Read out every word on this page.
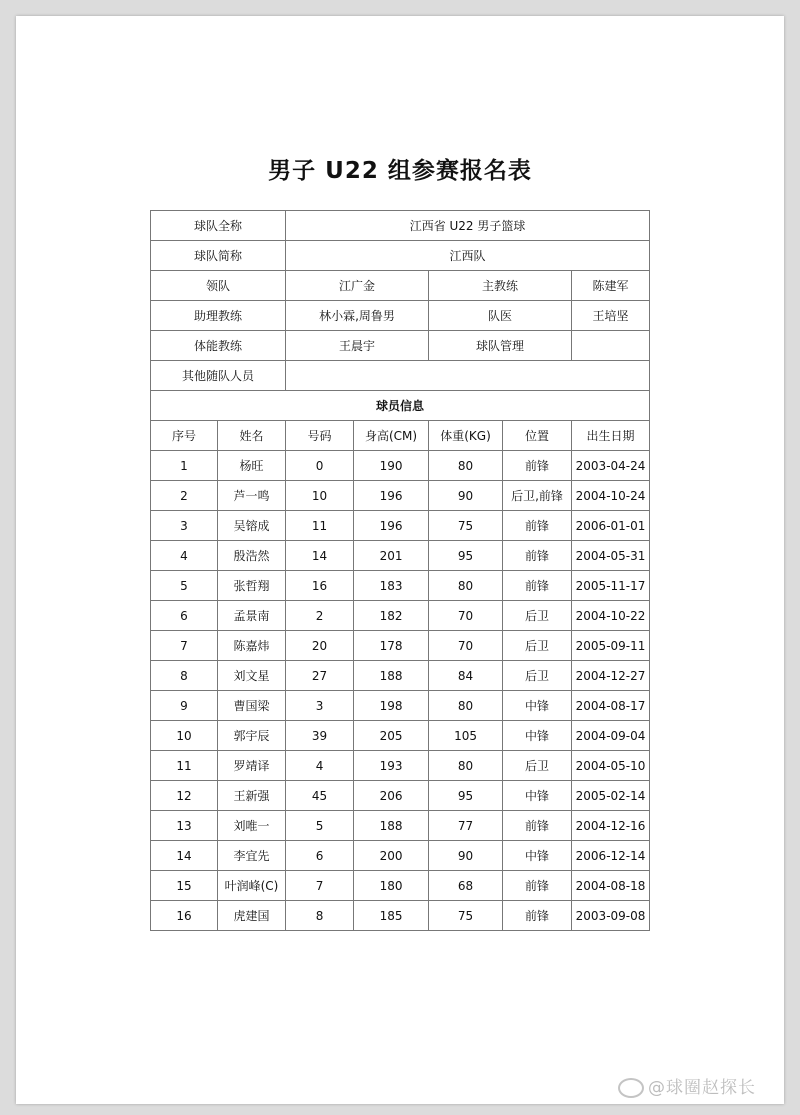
男子 U22 组参赛报名表
球队全称		江西省 U22 男子篮球				
球队简称		江西队				
领队		江广金		主教练		陈建军
助理教练		林小霖,周鲁男		队医		王培坚
体能教练		王晨宇		球队管理		
其他随队人员						
球员信息						
序号	姓名	号码	身高(CM)	体重(KG)	位置	出生日期
1	杨旺	0	190	80	前锋	2003-04-24
2	芦一鸣	10	196	90	后卫,前锋	2004-10-24
3	吴镕成	11	196	75	前锋	2006-01-01
4	殷浩然	14	201	95	前锋	2004-05-31
5	张哲翔	16	183	80	前锋	2005-11-17
6	孟景南	2	182	70	后卫	2004-10-22
7	陈嘉炜	20	178	70	后卫	2005-09-11
8	刘文星	27	188	84	后卫	2004-12-27
9	曹国梁	3	198	80	中锋	2004-08-17
10	郭宇辰	39	205	105	中锋	2004-09-04
11	罗靖译	4	193	80	后卫	2004-05-10
12	王新强	45	206	95	中锋	2005-02-14
13	刘唯一	5	188	77	前锋	2004-12-16
14	李宜先	6	200	90	中锋	2006-12-14
15	叶润峰(C)	7	180	68	前锋	2004-08-18
16	虎建国	8	185	75	前锋	2003-09-08
@球圈赵探长
